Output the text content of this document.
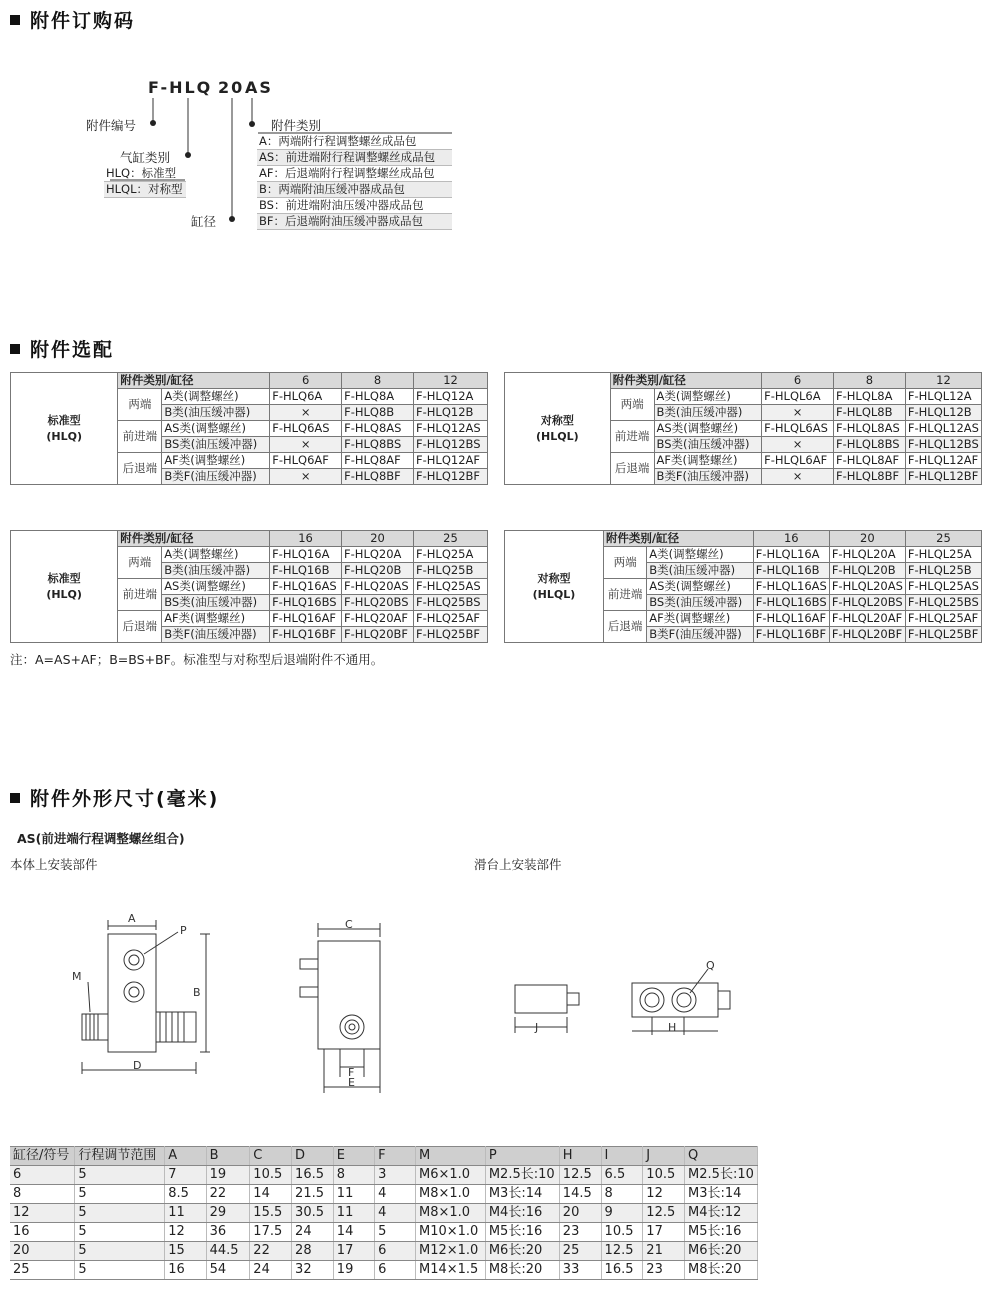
附件订购码
F-HLQ 20 AS
附件编号
气缸类别
缸径
附件类别
HLQ：标准型
HLQL：对称型
A：两端附行程调整螺丝成品包
AS：前进端附行程调整螺丝成品包
AF：后退端附行程调整螺丝成品包
B：两端附油压缓冲器成品包
BS：前进端附油压缓冲器成品包
BF：后退端附油压缓冲器成品包
附件选配
标准型
(HLQ)	附件类别/缸径		6	8	12
	两端	A类(调整螺丝)	F-HLQ6A	F-HLQ8A	F-HLQ12A
		B类(油压缓冲器)	×	F-HLQ8B	F-HLQ12B
	前进端	AS类(调整螺丝)	F-HLQ6AS	F-HLQ8AS	F-HLQ12AS
		BS类(油压缓冲器)	×	F-HLQ8BS	F-HLQ12BS
	后退端	AF类(调整螺丝)	F-HLQ6AF	F-HLQ8AF	F-HLQ12AF
		B类F(油压缓冲器)	×	F-HLQ8BF	F-HLQ12BF
对称型
(HLQL)	附件类别/缸径		6	8	12
	两端	A类(调整螺丝)	F-HLQL6A	F-HLQL8A	F-HLQL12A
		B类(油压缓冲器)	×	F-HLQL8B	F-HLQL12B
	前进端	AS类(调整螺丝)	F-HLQL6AS	F-HLQL8AS	F-HLQL12AS
		BS类(油压缓冲器)	×	F-HLQL8BS	F-HLQL12BS
	后退端	AF类(调整螺丝)	F-HLQL6AF	F-HLQL8AF	F-HLQL12AF
		B类F(油压缓冲器)	×	F-HLQL8BF	F-HLQL12BF
标准型
(HLQ)	附件类别/缸径		16	20	25
	两端	A类(调整螺丝)	F-HLQ16A	F-HLQ20A	F-HLQ25A
		B类(油压缓冲器)	F-HLQ16B	F-HLQ20B	F-HLQ25B
	前进端	AS类(调整螺丝)	F-HLQ16AS	F-HLQ20AS	F-HLQ25AS
		BS类(油压缓冲器)	F-HLQ16BS	F-HLQ20BS	F-HLQ25BS
	后退端	AF类(调整螺丝)	F-HLQ16AF	F-HLQ20AF	F-HLQ25AF
		B类F(油压缓冲器)	F-HLQ16BF	F-HLQ20BF	F-HLQ25BF
对称型
(HLQL)	附件类别/缸径		16	20	25
	两端	A类(调整螺丝)	F-HLQL16A	F-HLQL20A	F-HLQL25A
		B类(油压缓冲器)	F-HLQL16B	F-HLQL20B	F-HLQL25B
	前进端	AS类(调整螺丝)	F-HLQL16AS	F-HLQL20AS	F-HLQL25AS
		BS类(油压缓冲器)	F-HLQL16BS	F-HLQL20BS	F-HLQL25BS
	后退端	AF类(调整螺丝)	F-HLQL16AF	F-HLQL20AF	F-HLQL25AF
		B类F(油压缓冲器)	F-HLQL16BF	F-HLQL20BF	F-HLQL25BF
注：A=AS+AF；B=BS+BF。标准型与对称型后退端附件不通用。
附件外形尺寸(毫米)
AS(前进端行程调整螺丝组合)
本体上安装部件	滑台上安装部件
A
P
B
M
D
C
F
E
J	H
Q
缸径/符号	行程调节范围	A	B	C	D	E	F	M	P	H	I	J	Q
6	5	7	19	10.5	16.5	8	3	M6×1.0	M2.5长:10	12.5	6.5	10.5	M2.5长:10
8	5	8.5	22	14	21.5	11	4	M8×1.0	M3长:14	14.5	8	12	M3长:14
12	5	11	29	15.5	30.5	11	4	M8×1.0	M4长:16	20	9	12.5	M4长:12
16	5	12	36	17.5	24	14	5	M10×1.0	M5长:16	23	10.5	17	M5长:16
20	5	15	44.5	22	28	17	6	M12×1.0	M6长:20	25	12.5	21	M6长:20
25	5	16	54	24	32	19	6	M14×1.5	M8长:20	33	16.5	23	M8长:20
